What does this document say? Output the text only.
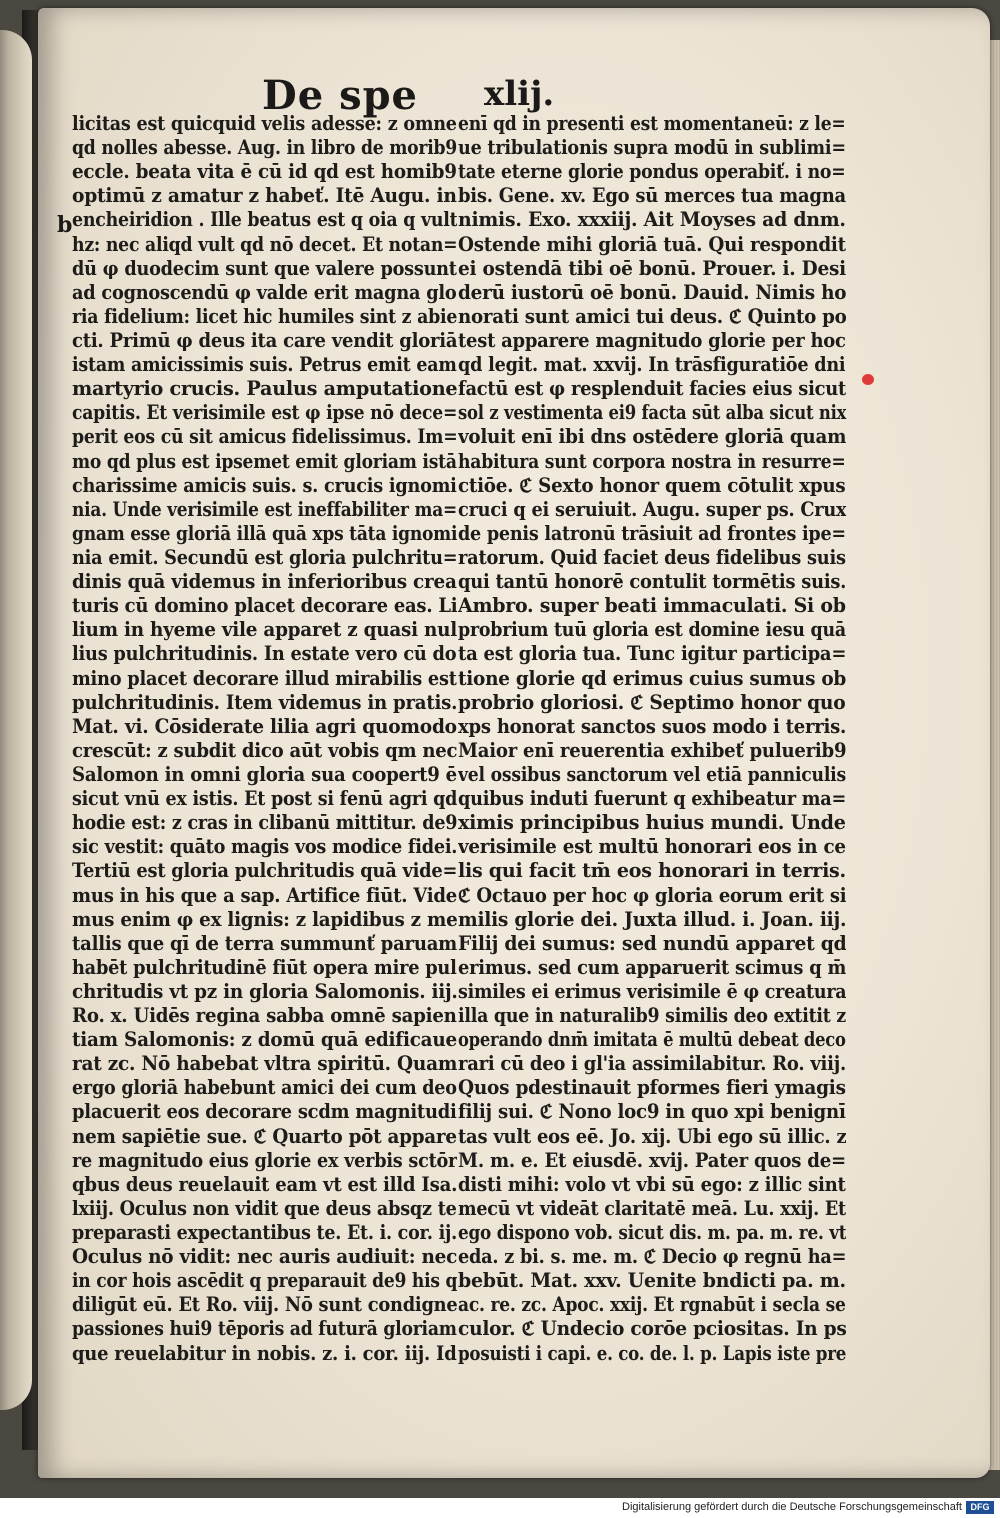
De spe xlij.
b
licitas est quicquid velis adesse: z omne
qd nolles abesse. Aug. in libro de morib9
eccle. beata vita ē cū id qd est homib9
optimū z amatur z habeť. Itē Augu. in
encheiridion . Ille beatus est q oia q vult
hz: nec aliqd vult qd nō decet. Et notan=
dū φ duodecim sunt que valere possunt
ad cognoscendū φ valde erit magna glo
ria fidelium: licet hic humiles sint z abie
cti. Primū φ deus ita care vendit gloriā
istam amicissimis suis. Petrus emit eam
martyrio crucis. Paulus amputatione
capitis. Et verisimile est φ ipse nō dece=
perit eos cū sit amicus fidelissimus. Im=
mo qd plus est ipsemet emit gloriam istā
charissime amicis suis. s. crucis ignomi
nia. Unde verisimile est ineffabiliter ma=
gnam esse gloriā illā quā xps tāta ignomi
nia emit. Secundū est gloria pulchritu=
dinis quā videmus in inferioribus crea
turis cū domino placet decorare eas. Li
lium in hyeme vile apparet z quasi nul
lius pulchritudinis. In estate vero cū do
mino placet decorare illud mirabilis est
pulchritudinis. Item videmus in pratis.
Mat. vi. Cōsiderate lilia agri quomodo
crescūt: z subdit dico aūt vobis qm nec
Salomon in omni gloria sua coopert9 ē
sicut vnū ex istis. Et post si fenū agri qd
hodie est: z cras in clibanū mittitur. de9
sic vestit: quāto magis vos modice fidei.
Tertiū est gloria pulchritudis quā vide=
mus in his que a sap. Artifice fiūt. Vide
mus enim φ ex lignis: z lapidibus z me
tallis que qī de terra summunť paruam
habēt pulchritudinē fiūt opera mire pul
chritudis vt pz in gloria Salomonis. iij.
Ro. x. Uidēs regina sabba omnē sapien
tiam Salomonis: z domū quā edificaue
rat zc. Nō habebat vltra spiritū. Quam
ergo gloriā habebunt amici dei cum deo
placuerit eos decorare scdm magnitudi
nem sapiētie sue. ℭ Quarto pōt appare
re magnitudo eius glorie ex verbis sctōr
qbus deus reuelauit eam vt est illd Isa.
lxiij. Oculus non vidit que deus absqz te
preparasti expectantibus te. Et. i. cor. ij.
Oculus nō vidit: nec auris audiuit: nec
in cor hois ascēdit q preparauit de9 his q
diligūt eū. Et Ro. viij. Nō sunt condigne
passiones hui9 tēporis ad futurā gloriam
que reuelabitur in nobis. z. i. cor. iij. Id
enī qd in presenti est momentaneū: z le=
ue tribulationis supra modū in sublimi=
tate eterne glorie pondus operabiť. i no=
bis. Gene. xv. Ego sū merces tua magna
nimis. Exo. xxxiij. Ait Moyses ad dnm.
Ostende mihi gloriā tuā. Qui respondit
ei ostendā tibi oē bonū. Prouer. i. Desi
derū iustorū oē bonū. Dauid. Nimis ho
norati sunt amici tui deus. ℭ Quinto po
test apparere magnitudo glorie per hoc
qd legit. mat. xxvij. In trāsfiguratiōe dni
factū est φ resplenduit facies eius sicut
sol z vestimenta ei9 facta sūt alba sicut nix
voluit enī ibi dns ostēdere gloriā quam
habitura sunt corpora nostra in resurre=
ctiōe. ℭ Sexto honor quem cōtulit xpus
cruci q ei seruiuit. Augu. super ps. Crux
de penis latronū trāsiuit ad frontes ipe=
ratorum. Quid faciet deus fidelibus suis
qui tantū honorē contulit tormētis suis.
Ambro. super beati immaculati. Si ob
probrium tuū gloria est domine iesu quā
ta est gloria tua. Tunc igitur participa=
tione glorie qd erimus cuius sumus ob
probrio gloriosi. ℭ Septimo honor quo
xps honorat sanctos suos modo i terris.
Maior enī reuerentia exhibeť puluerib9
vel ossibus sanctorum vel etiā panniculis
quibus induti fuerunt q exhibeatur ma=
ximis principibus huius mundi. Unde
verisimile est multū honorari eos in ce
lis qui facit tm̄ eos honorari in terris.
ℭ Octauo per hoc φ gloria eorum erit si
milis glorie dei. Juxta illud. i. Joan. iij.
Filij dei sumus: sed nundū apparet qd
erimus. sed cum apparuerit scimus q m̄
similes ei erimus verisimile ē φ creatura
illa que in naturalib9 similis deo extitit z
operando dnm̄ imitata ē multū debeat deco
rari cū deo i gl'ia assimilabitur. Ro. viij.
Quos pdestinauit pformes fieri ymagis
filij sui. ℭ Nono loc9 in quo xpi benignī
tas vult eos eē. Jo. xij. Ubi ego sū illic. z
M. m. e. Et eiusdē. xvij. Pater quos de=
disti mihi: volo vt vbi sū ego: z illic sint
mecū vt videāt claritatē meā. Lu. xxij. Et
ego dispono vob. sicut dis. m. pa. m. re. vt
eda. z bi. s. me. m. ℭ Decio φ regnū ha=
bebūt. Mat. xxv. Uenite bndicti pa. m.
ac. re. zc. Apoc. xxij. Et rgnabūt i secla se
culor. ℭ Undecio corōe pciositas. In ps
posuisti i capi. e. co. de. l. p. Lapis iste pre
Digitalisierung gefördert durch die Deutsche Forschungsgemeinschaft DFG
